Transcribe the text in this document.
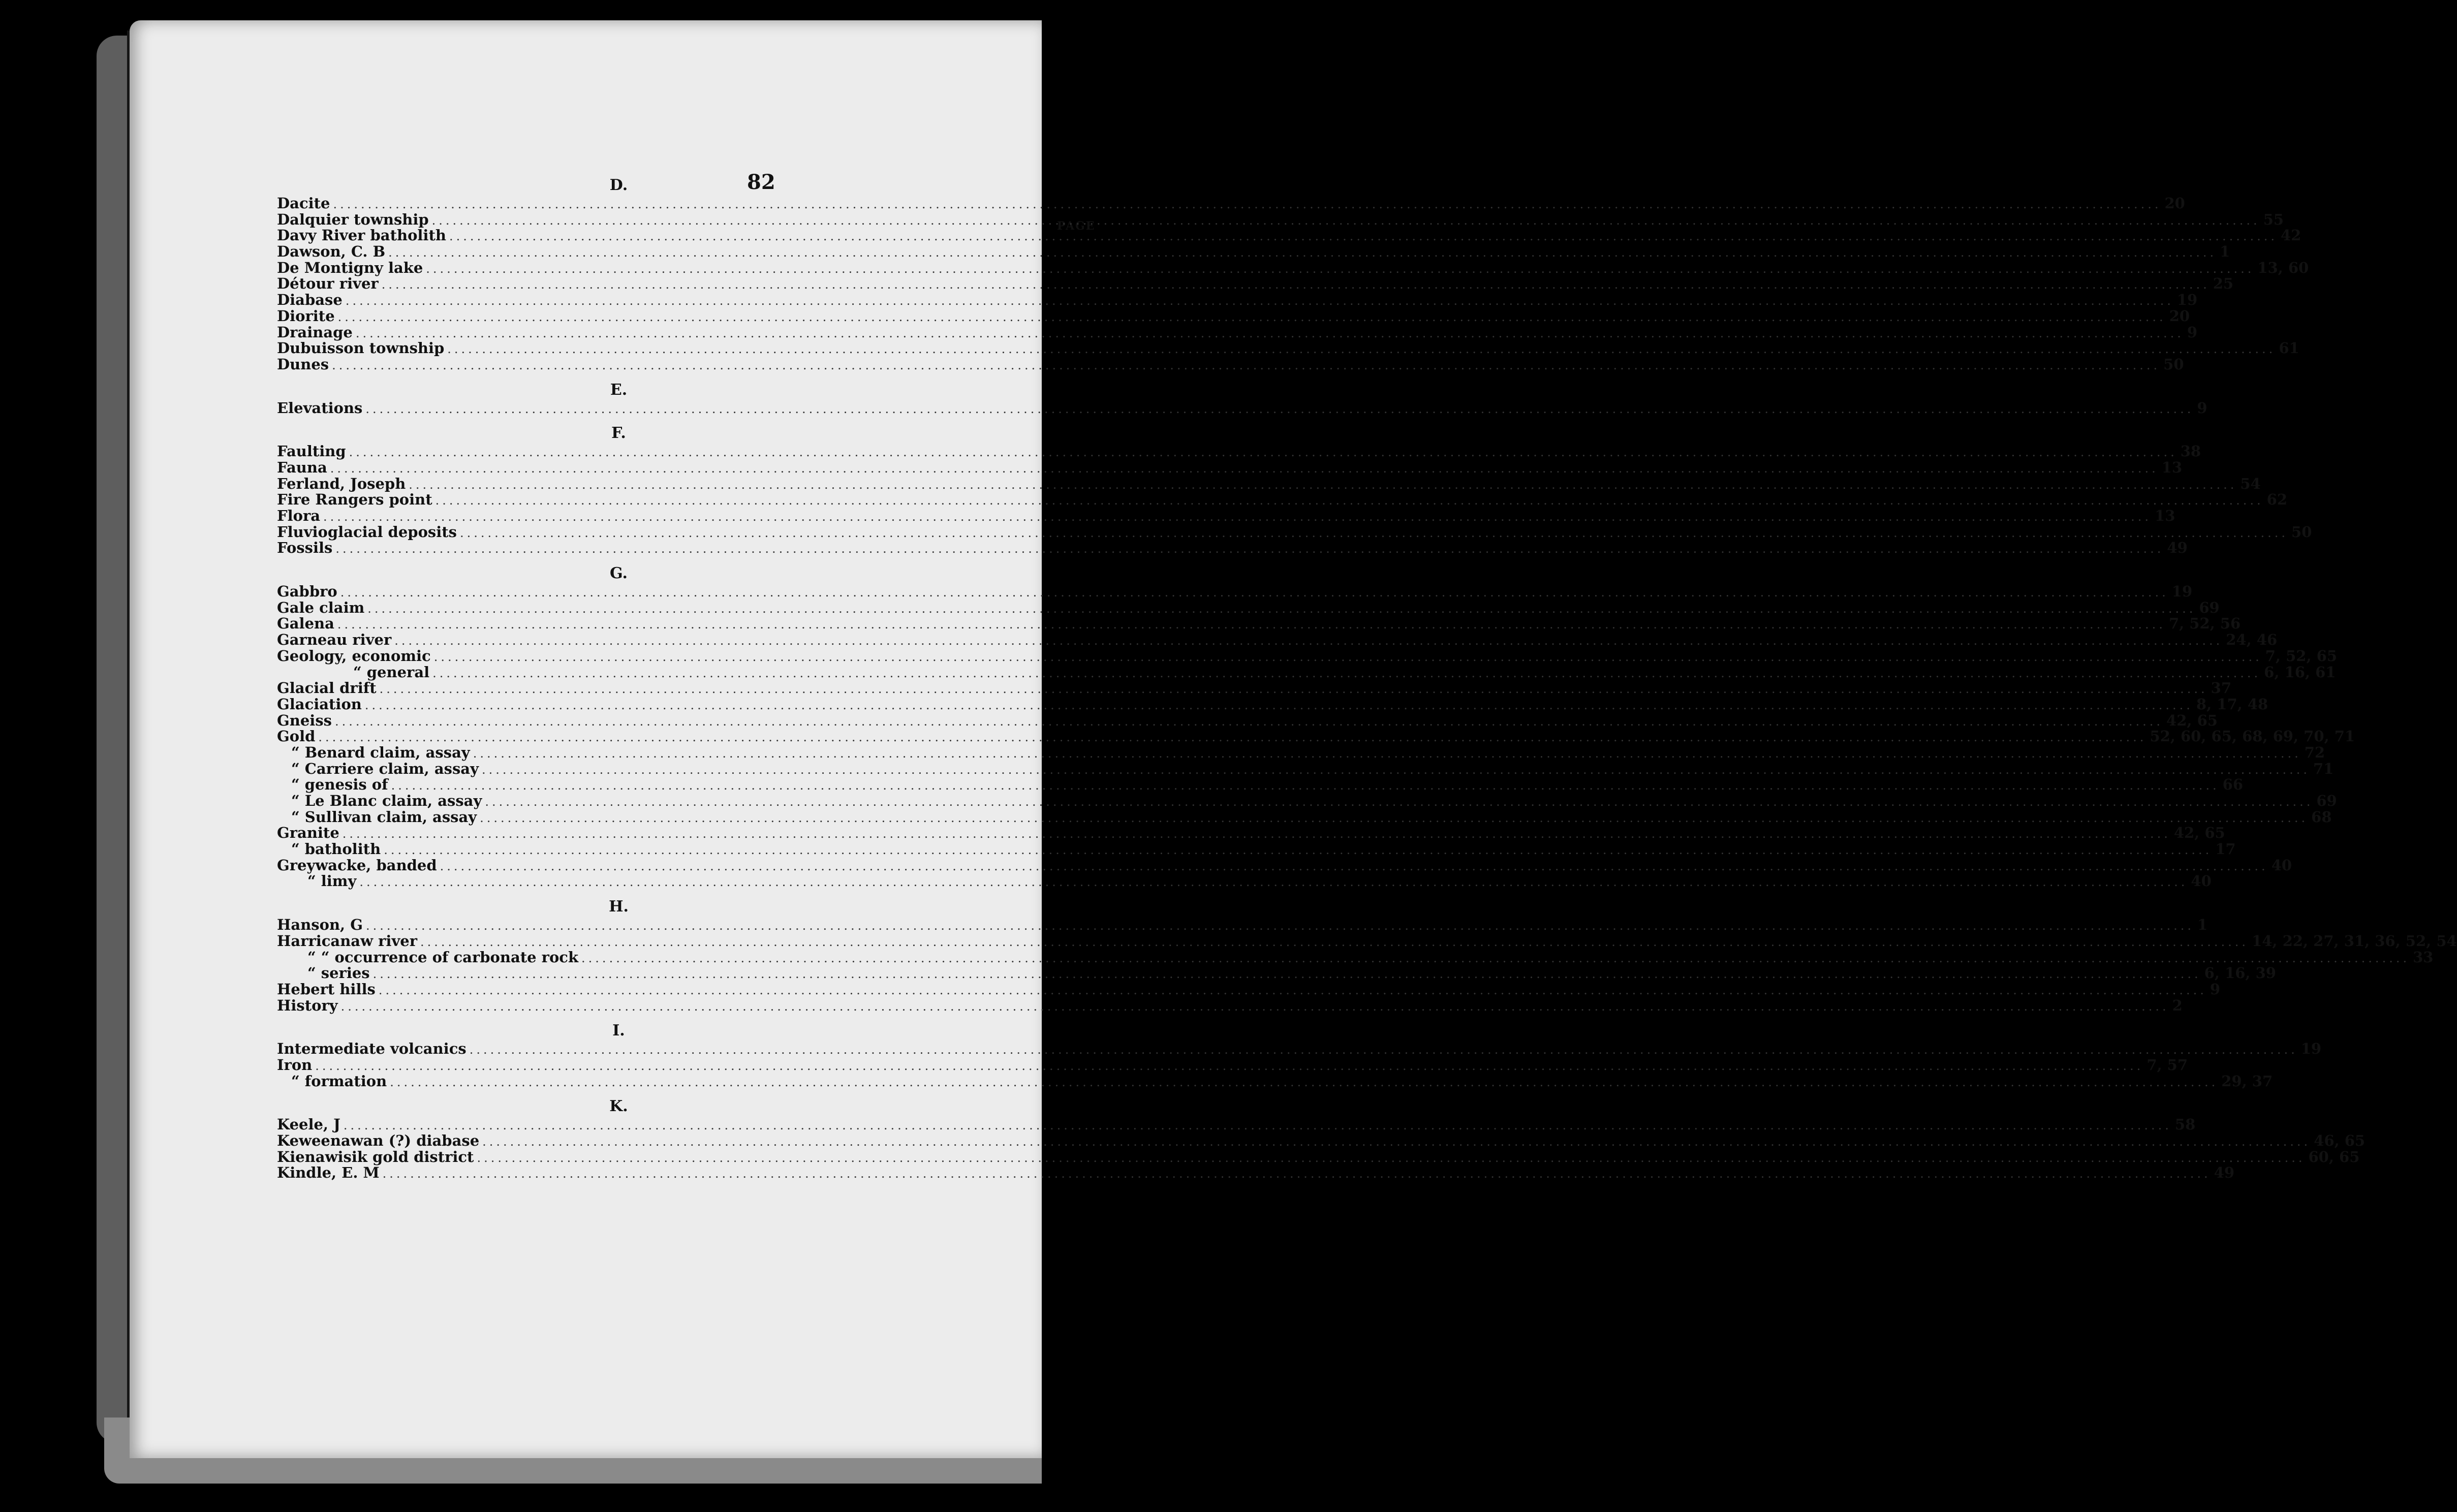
82
PAGE
D.
Dacite .....	20
Dalquier township .....	55
Davy River batholith .....	42
Dawson, C. B .....	1
De Montigny lake .....	13, 60
Détour river .....	25
Diabase .....	19
Diorite .....	20
Drainage .....	9
Dubuisson township .....	61
Dunes .....	50
E.
Elevations .....	9
F.
Faulting .....	38
Fauna .....	13
Ferland, Joseph .....	54
Fire Rangers point .....	62
Flora .....	13
Fluvioglacial deposits .....	50
Fossils .....	49
G.
Gabbro .....	19
Gale claim .....	69
Galena .....	7, 52, 56
Garneau river .....	24, 46
Geology, economic .....	7, 52, 65
“ general .....	6, 16, 61
Glacial drift .....	37
Glaciation .....	8, 17, 48
Gneiss .....	42, 65
Gold .....	52, 60, 65, 68, 69, 70, 71
“ Benard claim, assay .....	72
“ Carriere claim, assay .....	71
“ genesis of .....	66
“ Le Blanc claim, assay .....	69
“ Sullivan claim, assay .....	68
Granite .....	42, 65
“ batholith .....	17
Greywacke, banded .....	40
“ limy .....	40
H.
Hanson, G .....	1
Harricanaw river .....	14, 22, 27, 31, 36, 52, 54
“ “ occurrence of carbonate rock .....	33
“ series .....	6, 16, 39
Hebert hills .....	9
History .....	2
I.
Intermediate volcanics .....	19
Iron .....	7, 57
“ formation .....	29, 37
K.
Keele, J .....	58
Keweenawan (?) diabase .....	46, 65
Kienawisik gold district .....	60, 65
Kindle, E. M .....	49
